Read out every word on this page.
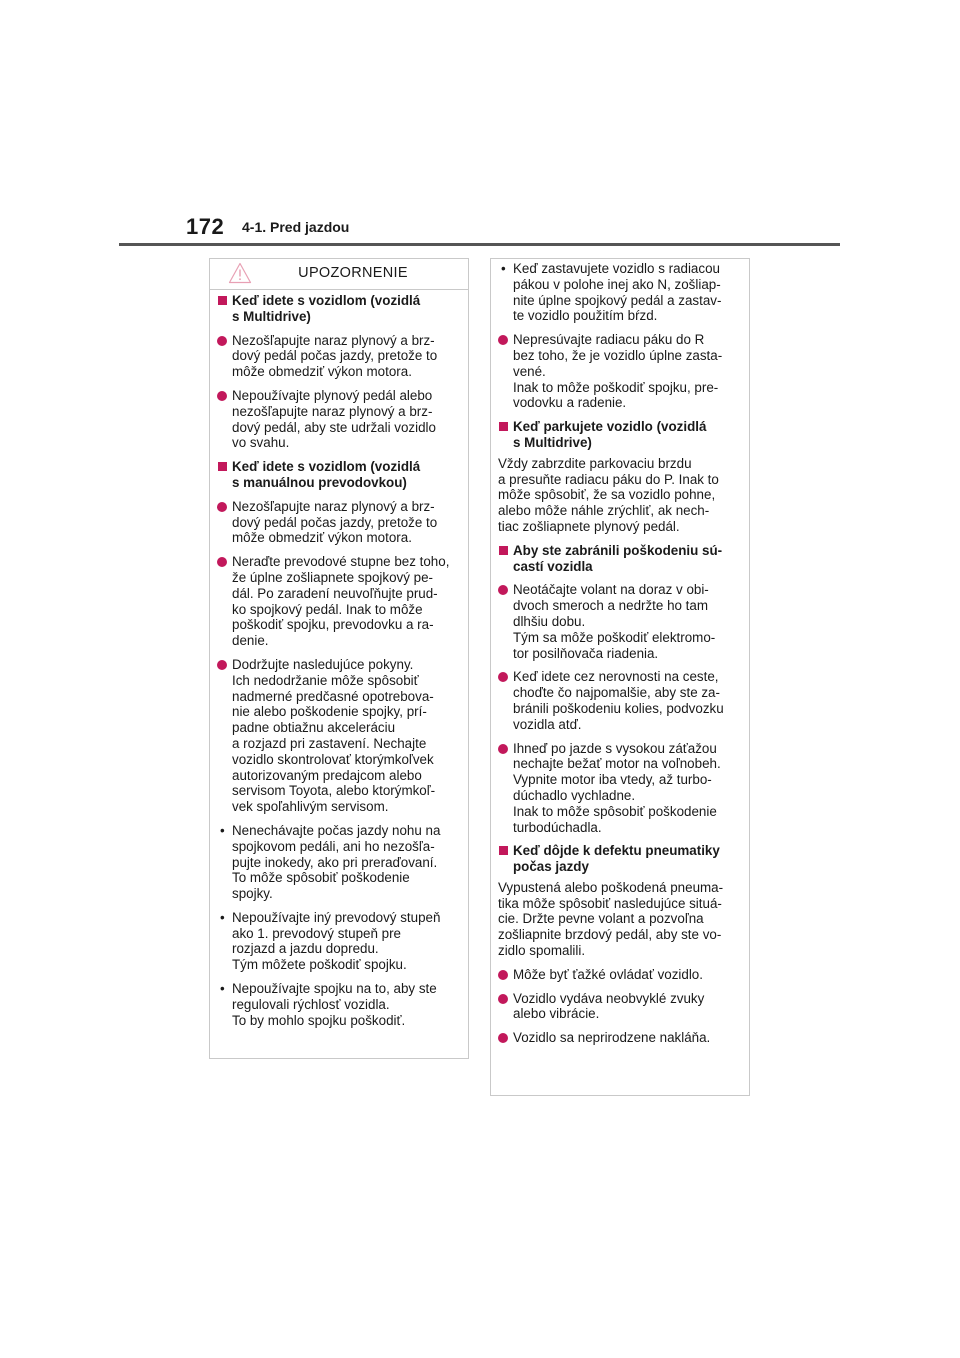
172 4-1. Pred jazdou
UPOZORNENIE
Keď idete s vozidlom (vozidlá
s Multidrive)
Nezošľapujte naraz plynový a brz-
dový pedál počas jazdy, pretože to
môže obmedziť výkon motora.
Nepoužívajte plynový pedál alebo
nezošľapujte naraz plynový a brz-
dový pedál, aby ste udržali vozidlo
vo svahu.
Keď idete s vozidlom (vozidlá
s manuálnou prevodovkou)
Nezošľapujte naraz plynový a brz-
dový pedál počas jazdy, pretože to
môže obmedziť výkon motora.
Neraďte prevodové stupne bez toho,
že úplne zošliapnete spojkový pe-
dál. Po zaradení neuvoľňujte prud-
ko spojkový pedál. Inak to môže
poškodiť spojku, prevodovku a ra-
denie.
Dodržujte nasledujúce pokyny.
Ich nedodržanie môže spôsobiť
nadmerné predčasné opotrebova-
nie alebo poškodenie spojky, prí-
padne obtiažnu akceleráciu
a rozjazd pri zastavení. Nechajte
vozidlo skontrolovať ktorýmkoľvek
autorizovaným predajcom alebo
servisom Toyota, alebo ktorýmkoľ-
vek spoľahlivým servisom.
• Nenechávajte počas jazdy nohu na
spojkovom pedáli, ani ho nezošľa-
pujte inokedy, ako pri preraďovaní.
To môže spôsobiť poškodenie
spojky.
• Nepoužívajte iný prevodový stupeň
ako 1. prevodový stupeň pre
rozjazd a jazdu dopredu.
Tým môžete poškodiť spojku.
• Nepoužívajte spojku na to, aby ste
regulovali rýchlosť vozidla.
To by mohlo spojku poškodiť.
• Keď zastavujete vozidlo s radiacou
pákou v polohe inej ako N, zošliap-
nite úplne spojkový pedál a zastav-
te vozidlo použitím bŕzd.
Nepresúvajte radiacu páku do R
bez toho, že je vozidlo úplne zasta-
vené.
Inak to môže poškodiť spojku, pre-
vodovku a radenie.
Keď parkujete vozidlo (vozidlá
s Multidrive)
Vždy zabrzdite parkovaciu brzdu
a presuňte radiacu páku do P. Inak to
môže spôsobiť, že sa vozidlo pohne,
alebo môže náhle zrýchliť, ak nech-
tiac zošliapnete plynový pedál.
Aby ste zabránili poškodeniu sú-
castí vozidla
Neotáčajte volant na doraz v obi-
dvoch smeroch a nedržte ho tam
dlhšiu dobu.
Tým sa môže poškodiť elektromo-
tor posilňovača riadenia.
Keď idete cez nerovnosti na ceste,
choďte čo najpomalšie, aby ste za-
bránili poškodeniu kolies, podvozku
vozidla atď.
Ihneď po jazde s vysokou záťažou
nechajte bežať motor na voľnobeh.
Vypnite motor iba vtedy, až turbo-
dúchadlo vychladne.
Inak to môže spôsobiť poškodenie
turbodúchadla.
Keď dôjde k defektu pneumatiky
počas jazdy
Vypustená alebo poškodená pneuma-
tika môže spôsobiť nasledujúce situá-
cie. Držte pevne volant a pozvoľna
zošliapnite brzdový pedál, aby ste vo-
zidlo spomalili.
Môže byť ťažké ovládať vozidlo.
Vozidlo vydáva neobvyklé zvuky
alebo vibrácie.
Vozidlo sa neprirodzene nakláňa.
